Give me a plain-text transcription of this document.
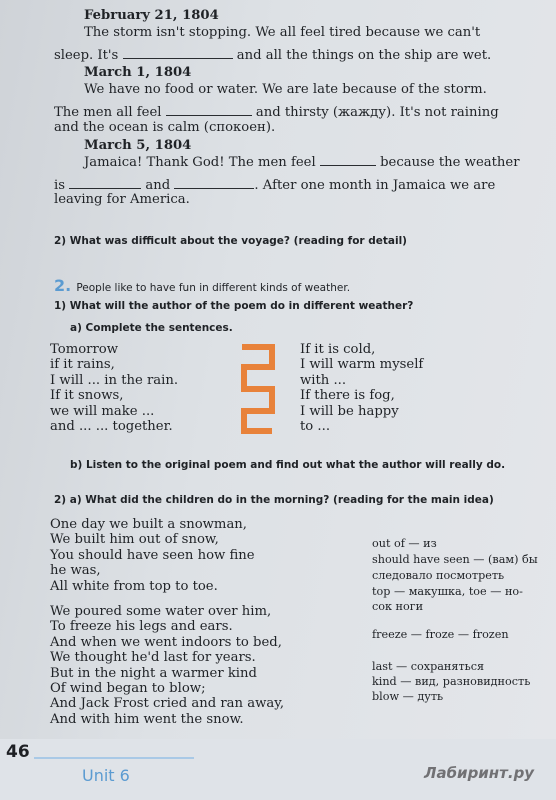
February 21, 1804
The storm isn't stopping. We all feel tired because we can't
sleep. It's	and all the things on the ship are wet.
March 1, 1804
We have no food or water. We are late because of the storm.
The men all feel	and thirsty (жажду). It's not raining
and the ocean is calm (спокоен).
March 5, 1804
Jamaica! Thank God! The men feel	because the weather
is	and	. After one month in Jamaica we are
leaving for America.
2) What was difficult about the voyage? (reading for detail)
2. People like to have fun in different kinds of weather.
1) What will the author of the poem do in different weather?
a) Complete the sentences.
Tomorrow
if it rains,
I will ... in the rain.
If it snows,
we will make ...
and ... ... together.
If it is cold,
I will warm myself
with ...
If there is fog,
I will be happy
to ...
b) Listen to the original poem and find out what the author will really do.
2) a) What did the children do in the morning? (reading for the main idea)
One day we built a snowman,
We built him out of snow,
You should have seen how fine
he was,
All white from top to toe.
We poured some water over him,
To freeze his legs and ears.
And when we went indoors to bed,
We thought he'd last for years.
But in the night a warmer kind
Of wind began to blow;
And Jack Frost cried and ran away,
And with him went the snow.
out of — из
should have seen — (вам) бы
следовало посмотреть
top — макушка, toe — но-
сок ноги
freeze — froze — frozen
last — сохраняться
kind — вид, разновидность
blow — дуть
46
Unit 6	Лабиринт.ру
